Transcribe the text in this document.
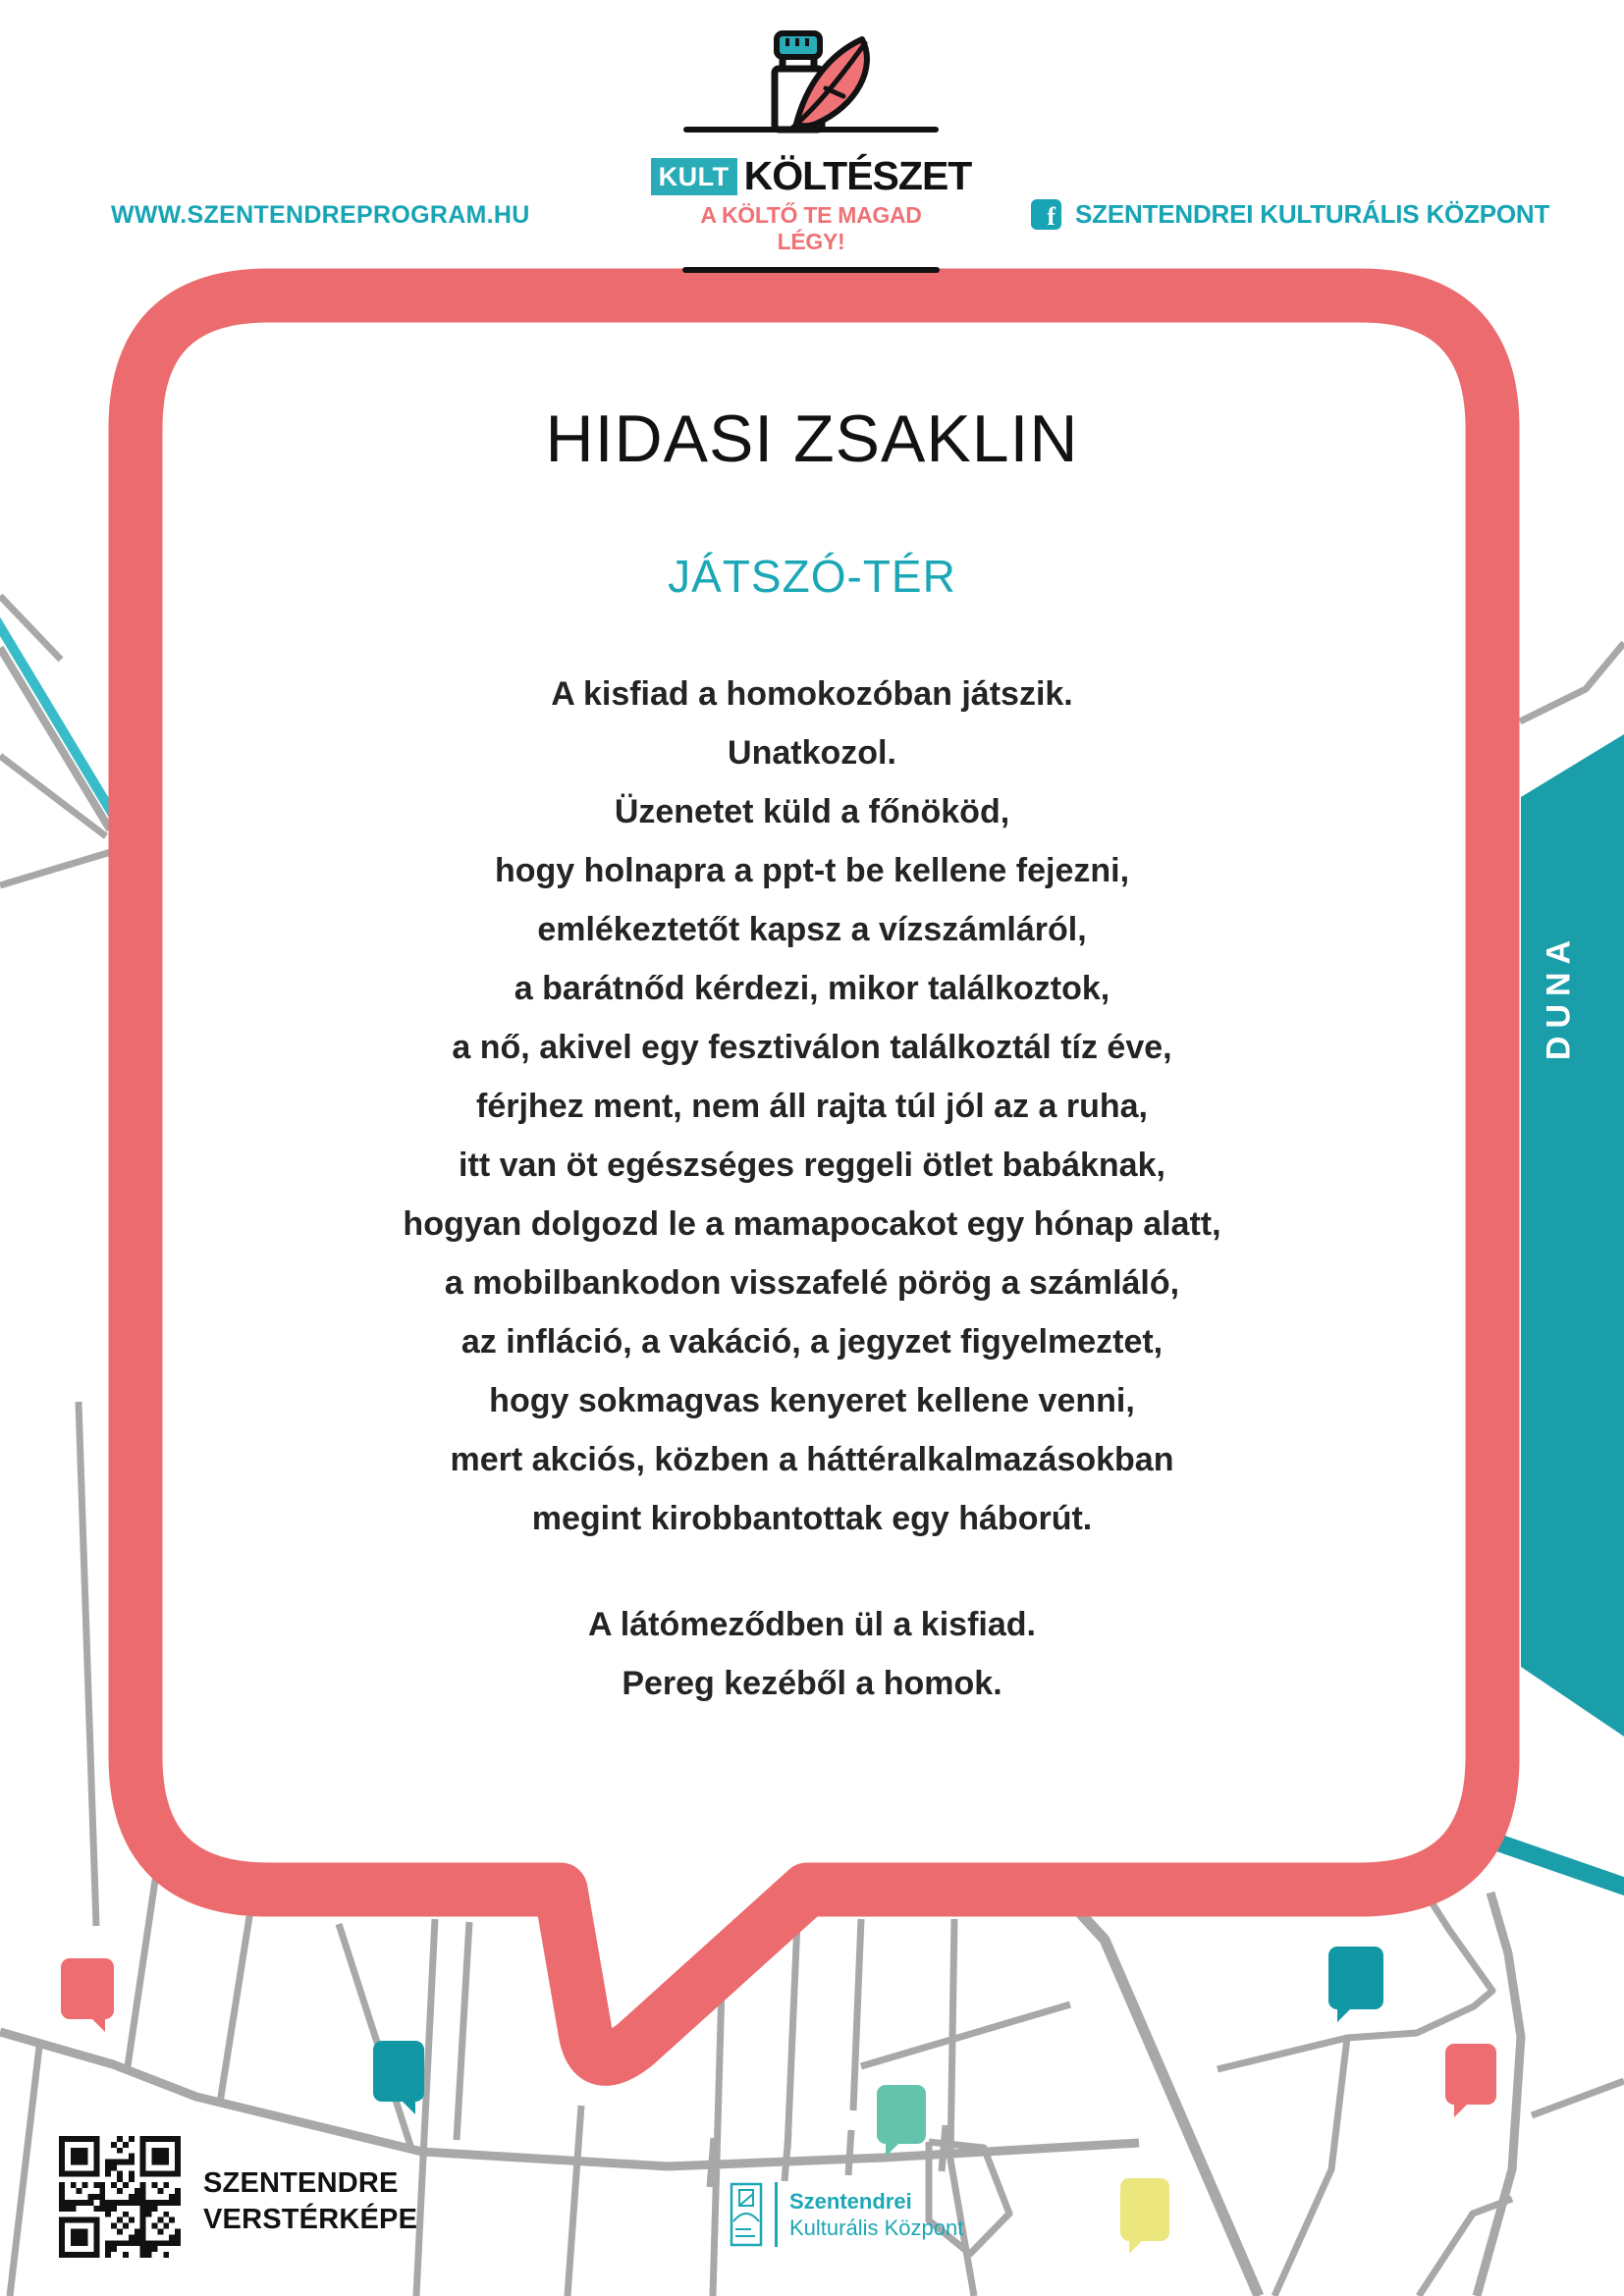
WWW.SZENTENDREPROGRAM.HU f	SZENTENDREI KULTURÁLIS KÖZPONT
KULT KÖLTÉSZET
A KÖLTŐ TE MAGAD LÉGY!
HIDASI ZSAKLIN
JÁTSZÓ-TÉR
A kisfiad a homokozóban játszik.
Unatkozol.
Üzenetet küld a főnököd,
hogy holnapra a ppt-t be kellene fejezni,
emlékeztetőt kapsz a vízszámláról,
a barátnőd kérdezi, mikor találkoztok,
a nő, akivel egy fesztiválon találkoztál tíz éve,
férjhez ment, nem áll rajta túl jól az a ruha,
itt van öt egészséges reggeli ötlet babáknak,
hogyan dolgozd le a mamapocakot egy hónap alatt,
a mobilbankodon visszafelé pörög a számláló,
az infláció, a vakáció, a jegyzet figyelmeztet,
hogy sokmagvas kenyeret kellene venni,
mert akciós, közben a háttéralkalmazásokban
megint kirobbantottak egy háborút.
A látómeződben ül a kisfiad.
Pereg kezéből a homok.
DUNA
SZENTENDRE
VERSTÉRKÉPE
Szentendrei
Kulturális Központ
